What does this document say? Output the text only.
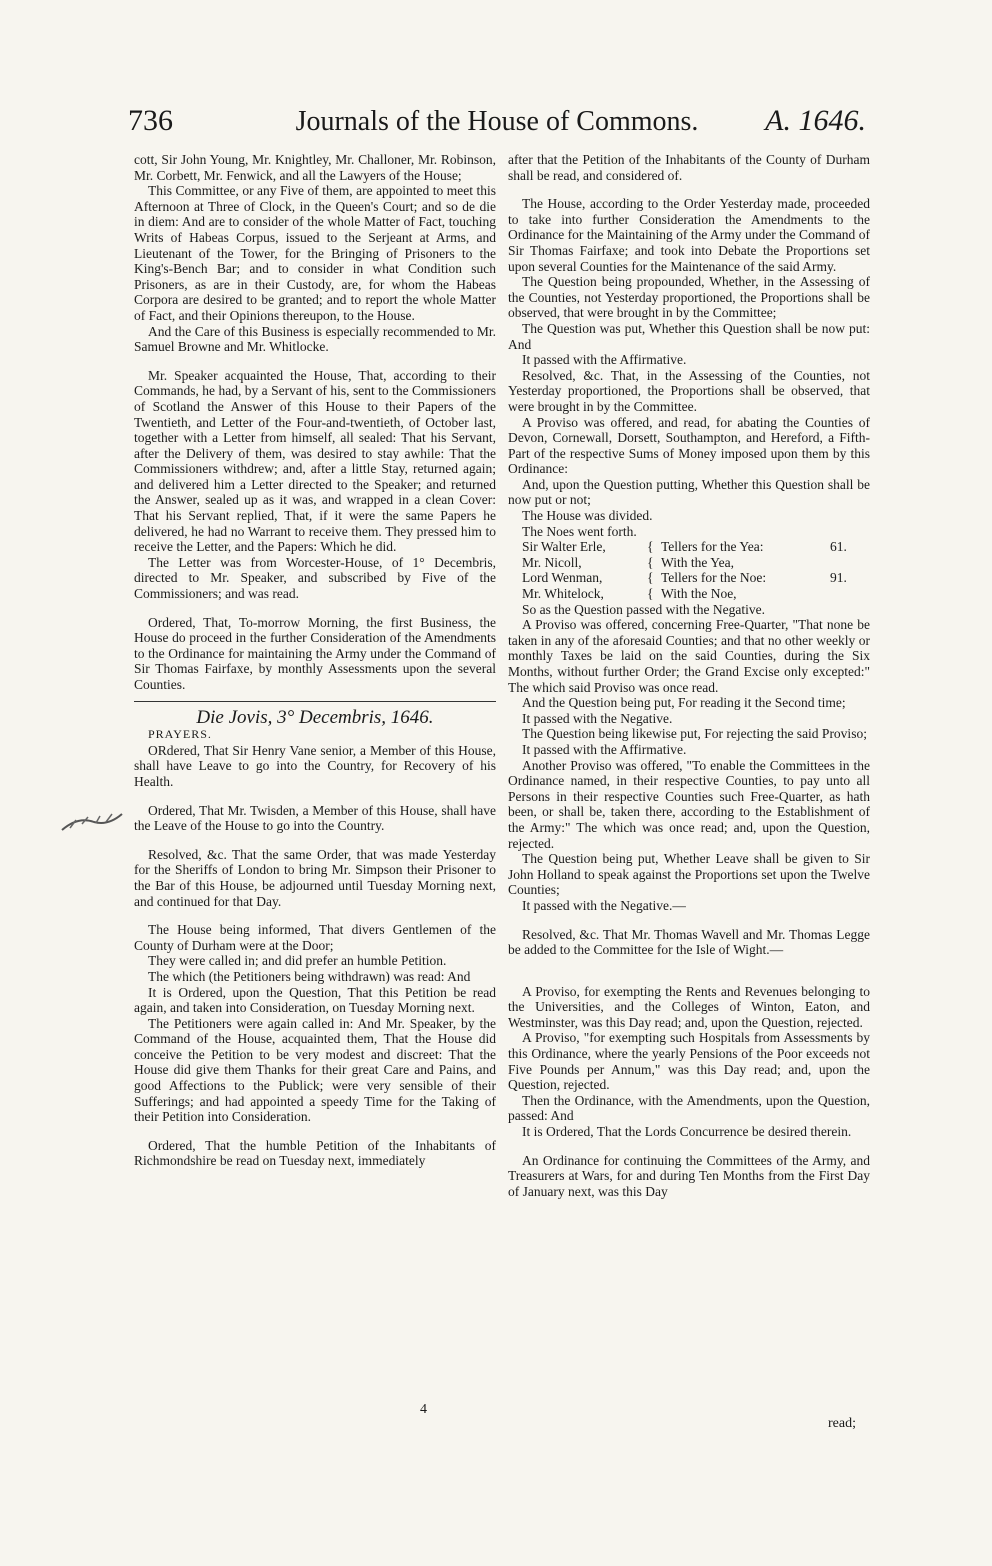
736	Journals of the House of Commons.	A. 1646.

cott, Sir John Young, Mr. Knightley, Mr. Challoner, Mr. Robinson, Mr. Corbett, Mr. Fenwick, and all the Lawyers of the House;

This Committee, or any Five of them, are appointed to meet this Afternoon at Three of Clock, in the Queen's Court; and so de die in diem: And are to consider of the whole Matter of Fact, touching Writs of Habeas Corpus, issued to the Serjeant at Arms, and Lieutenant of the Tower, for the Bringing of Prisoners to the King's-Bench Bar; and to consider in what Condition such Prisoners, as are in their Custody, are, for whom the Habeas Corpora are desired to be granted; and to report the whole Matter of Fact, and their Opinions thereupon, to the House.

And the Care of this Business is especially recommended to Mr. Samuel Browne and Mr. Whitlocke.

Mr. Speaker acquainted the House, That, according to their Commands, he had, by a Servant of his, sent to the Commissioners of Scotland the Answer of this House to their Papers of the Twentieth, and Letter of the Four-and-twentieth, of October last, together with a Letter from himself, all sealed: That his Servant, after the Delivery of them, was desired to stay awhile: That the Commissioners withdrew; and, after a little Stay, returned again; and delivered him a Letter directed to the Speaker; and returned the Answer, sealed up as it was, and wrapped in a clean Cover: That his Servant replied, That, if it were the same Papers he delivered, he had no Warrant to receive them. They pressed him to receive the Letter, and the Papers: Which he did.

The Letter was from Worcester-House, of 1° Decembris, directed to Mr. Speaker, and subscribed by Five of the Commissioners; and was read.

Ordered, That, To-morrow Morning, the first Business, the House do proceed in the further Consideration of the Amendments to the Ordinance for maintaining the Army under the Command of Sir Thomas Fairfaxe, by monthly Assessments upon the several Counties.

Die Jovis, 3° Decembris, 1646.

PRAYERS.

ORdered, That Sir Henry Vane senior, a Member of this House, shall have Leave to go into the Country, for Recovery of his Health.

Ordered, That Mr. Twisden, a Member of this House, shall have the Leave of the House to go into the Country.

Resolved, &c. That the same Order, that was made Yesterday for the Sheriffs of London to bring Mr. Simpson their Prisoner to the Bar of this House, be adjourned until Tuesday Morning next, and continued for that Day.

The House being informed, That divers Gentlemen of the County of Durham were at the Door;

They were called in; and did prefer an humble Petition.

The which (the Petitioners being withdrawn) was read: And

It is Ordered, upon the Question, That this Petition be read again, and taken into Consideration, on Tuesday Morning next.

The Petitioners were again called in: And Mr. Speaker, by the Command of the House, acquainted them, That the House did conceive the Petition to be very modest and discreet: That the House did give them Thanks for their great Care and Pains, and good Affections to the Publick; were very sensible of their Sufferings; and had appointed a speedy Time for the Taking of their Petition into Consideration.

Ordered, That the humble Petition of the Inhabitants of Richmondshire be read on Tuesday next, immediately

after that the Petition of the Inhabitants of the County of Durham shall be read, and considered of.

The House, according to the Order Yesterday made, proceeded to take into further Consideration the Amendments to the Ordinance for the Maintaining of the Army under the Command of Sir Thomas Fairfaxe; and took into Debate the Proportions set upon several Counties for the Maintenance of the said Army.

The Question being propounded, Whether, in the Assessing of the Counties, not Yesterday proportioned, the Proportions shall be observed, that were brought in by the Committee;

The Question was put, Whether this Question shall be now put: And

It passed with the Affirmative.

Resolved, &c. That, in the Assessing of the Counties, not Yesterday proportioned, the Proportions shall be observed, that were brought in by the Committee.

A Proviso was offered, and read, for abating the Counties of Devon, Cornewall, Dorsett, Southampton, and Hereford, a Fifth-Part of the respective Sums of Money imposed upon them by this Ordinance:

And, upon the Question putting, Whether this Question shall be now put or not;

The House was divided.

The Noes went forth.

Sir Walter Erle,	{	Tellers for the Yea:	61.
Mr. Nicoll,	{	With the Yea,	
Lord Wenman,	{	Tellers for the Noe:	91.
Mr. Whitelock,	{	With the Noe,	

So as the Question passed with the Negative.

A Proviso was offered, concerning Free-Quarter, "That none be taken in any of the aforesaid Counties; and that no other weekly or monthly Taxes be laid on the said Counties, during the Six Months, without further Order; the Grand Excise only excepted:" The which said Proviso was once read.

And the Question being put, For reading it the Second time;

It passed with the Negative.

The Question being likewise put, For rejecting the said Proviso;

It passed with the Affirmative.

Another Proviso was offered, "To enable the Committees in the Ordinance named, in their respective Counties, to pay unto all Persons in their respective Counties such Free-Quarter, as hath been, or shall be, taken there, according to the Establishment of the Army:" The which was once read; and, upon the Question, rejected.

The Question being put, Whether Leave shall be given to Sir John Holland to speak against the Proportions set upon the Twelve Counties;

It passed with the Negative.—

Resolved, &c. That Mr. Thomas Wavell and Mr. Thomas Legge be added to the Committee for the Isle of Wight.—

A Proviso, for exempting the Rents and Revenues belonging to the Universities, and the Colleges of Winton, Eaton, and Westminster, was this Day read; and, upon the Question, rejected.

A Proviso, "for exempting such Hospitals from Assessments by this Ordinance, where the yearly Pensions of the Poor exceeds not Five Pounds per Annum," was this Day read; and, upon the Question, rejected.

Then the Ordinance, with the Amendments, upon the Question, passed: And

It is Ordered, That the Lords Concurrence be desired therein.

An Ordinance for continuing the Committees of the Army, and Treasurers at Wars, for and during Ten Months from the First Day of January next, was this Day

4
read;
